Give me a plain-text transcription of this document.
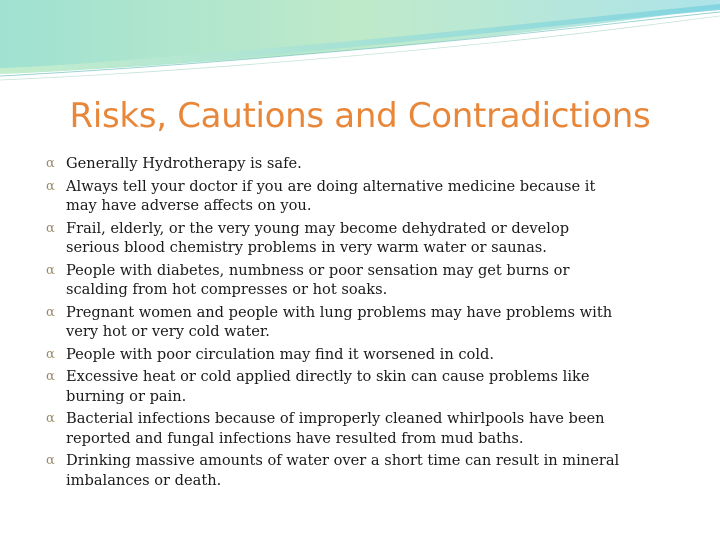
Risks, Cautions and Contradictions
α Generally Hydrotherapy is safe.
α Always tell your doctor if you are doing alternative medicine because it
may have adverse affects on you.
α Frail, elderly, or the very young may become dehydrated or develop
serious blood chemistry problems in very warm water or saunas.
α People with diabetes, numbness or poor sensation may get burns or
scalding from hot compresses or hot soaks.
α Pregnant women and people with lung problems may have problems with
very hot or very cold water.
α People with poor circulation may find it worsened in cold.
α Excessive heat or cold applied directly to skin can cause problems like
burning or pain.
α Bacterial infections because of improperly cleaned whirlpools have been
reported and fungal infections have resulted from mud baths.
α Drinking massive amounts of water over a short time can result in mineral
imbalances or death.
